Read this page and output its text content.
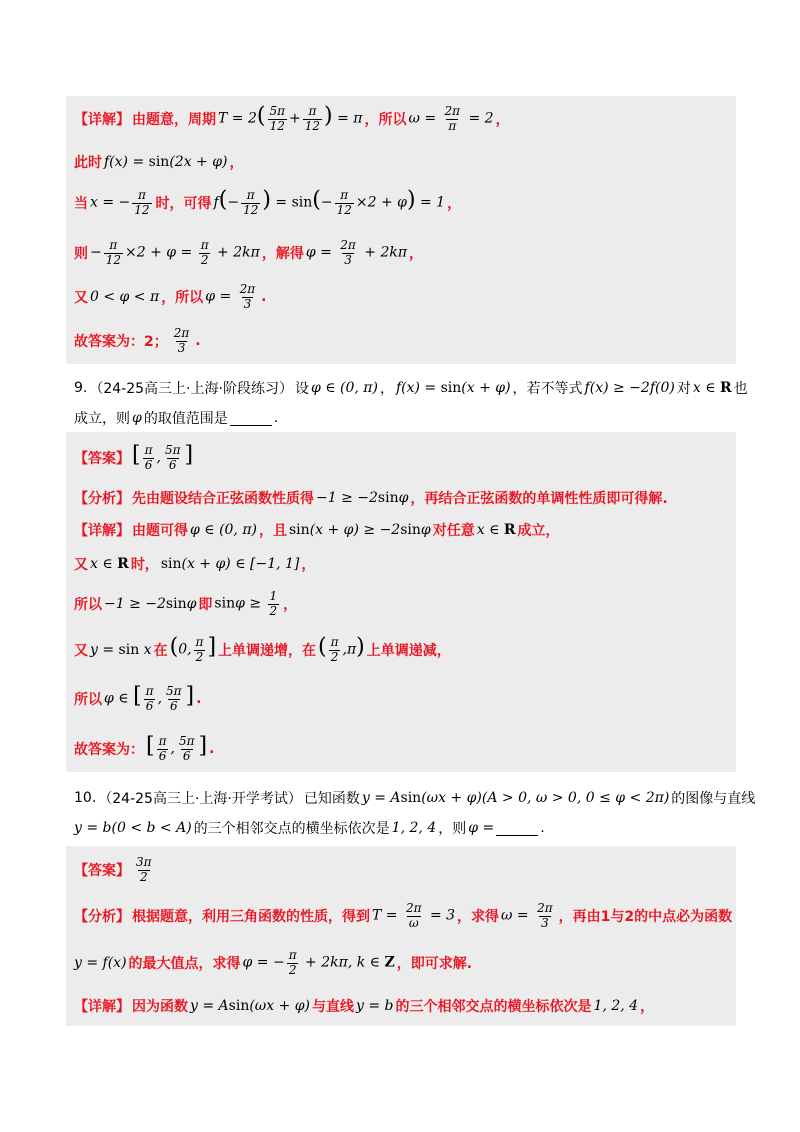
【详解】 由题意，周期 $T = 2( \frac{5\pi}{12} + \frac{\pi}{12}$ ) = π ，所以 $\omega = \frac{2\pi}{\pi} = 2$ ，
此时 f(x) = sin(2x + φ) ，
当 x = − $\frac{\pi}{12}$ 时，可得 $f(- \frac{\pi}{12}$ ) = $\sin(- \frac{\pi}{12} \times 2 + \varphi) = 1$ ，
则 − $\frac{\pi}{12} \times 2 + \varphi = \frac{\pi}{2} + 2k\pi$ ，解得 $\varphi = \frac{2\pi}{3} + 2k\pi$ ，
又 0 < φ < π ，所以 $\varphi = \frac{2\pi}{3}$ .
故答案为：2； $\frac{2\pi}{3}$ .
9. （24-25高三上·上海·阶段练习） 设 φ ∈ (0, π) ， f(x) = sin(x + φ) ，若不等式 f(x) ≥ −2f(0) 对 x ∈ R 也
成立，则 φ 的取值范围是	.
【答案】 [ $\frac{\pi}{6}$ , $\frac{5\pi}{6}$ ]
【分析】 先由题设结合正弦函数性质得 −1 ≥ −2sinφ ，再结合正弦函数的单调性性质即可得解.
【详解】 由题可得 φ ∈ (0, π) ，且 sin(x + φ) ≥ −2sinφ 对任意 x ∈ R 成立，
又 x ∈ R 时， sin(x + φ) ∈ [−1, 1] ，
所以 −1 ≥ −2sinφ 即 $\sin\varphi \ge \frac{1}{2}$ ，
又 y = sin x 在 (0, $\frac{\pi}{2}$ ] 上单调递增，在 ( $\frac{\pi}{2} ,\pi$) 上单调递减，
所以 φ ∈ [ $\frac{\pi}{6}$ , $\frac{5\pi}{6}$ ] .
故答案为： [ $\frac{\pi}{6}$ , $\frac{5\pi}{6}$ ] .
10. （24-25高三上·上海·开学考试） 已知函数 y = Asin(ωx + φ)(A > 0, ω > 0, 0 ≤ φ < 2π) 的图像与直线
y = b(0 < b < A) 的三个相邻交点的横坐标依次是 1, 2, 4 ，则 φ =	.
【答案】 $\frac{3\pi}{2}$
【分析】 根据题意，利用三角函数的性质，得到 $T = \frac{2\pi}{\omega} = 3$ ，求得 $\omega = \frac{2\pi}{3}$ ，再由1与2的中点必为函数
y = f(x) 的最大值点，求得 φ = − $\frac{\pi}{2} + 2k\pi$, k ∈ Z ，即可求解.
【详解】 因为函数 y = Asin(ωx + φ) 与直线 y = b 的三个相邻交点的横坐标依次是 1, 2, 4 ，
